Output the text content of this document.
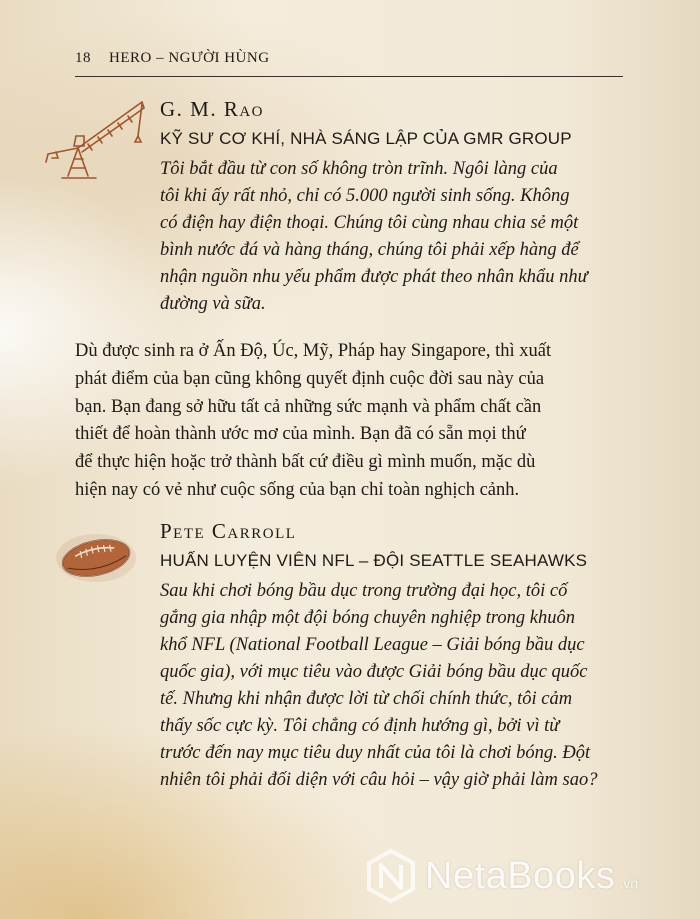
18 HERO – NGƯỜI HÙNG

G. M. Rao

KỸ SƯ CƠ KHÍ, NHÀ SÁNG LẬP CỦA GMR GROUP

Tôi bắt đầu từ con số không tròn trĩnh. Ngôi làng của
tôi khi ấy rất nhỏ, chỉ có 5.000 người sinh sống. Không
có điện hay điện thoại. Chúng tôi cùng nhau chia sẻ một
bình nước đá và hàng tháng, chúng tôi phải xếp hàng để
nhận nguồn nhu yếu phẩm được phát theo nhân khẩu như
đường và sữa.

Dù được sinh ra ở Ấn Độ, Úc, Mỹ, Pháp hay Singapore, thì xuất
phát điểm của bạn cũng không quyết định cuộc đời sau này của
bạn. Bạn đang sở hữu tất cả những sức mạnh và phẩm chất cần
thiết để hoàn thành ước mơ của mình. Bạn đã có sẵn mọi thứ
để thực hiện hoặc trở thành bất cứ điều gì mình muốn, mặc dù
hiện nay có vẻ như cuộc sống của bạn chỉ toàn nghịch cảnh.

Pete Carroll

HUẤN LUYỆN VIÊN NFL – ĐỘI SEATTLE SEAHAWKS

Sau khi chơi bóng bầu dục trong trường đại học, tôi cố
gắng gia nhập một đội bóng chuyên nghiệp trong khuôn
khổ NFL (National Football League – Giải bóng bầu dục
quốc gia), với mục tiêu vào được Giải bóng bầu dục quốc
tế. Nhưng khi nhận được lời từ chối chính thức, tôi cảm
thấy sốc cực kỳ. Tôi chẳng có định hướng gì, bởi vì từ
trước đến nay mục tiêu duy nhất của tôi là chơi bóng. Đột
nhiên tôi phải đối diện với câu hỏi – vậy giờ phải làm sao?

NetaBooks .vn
